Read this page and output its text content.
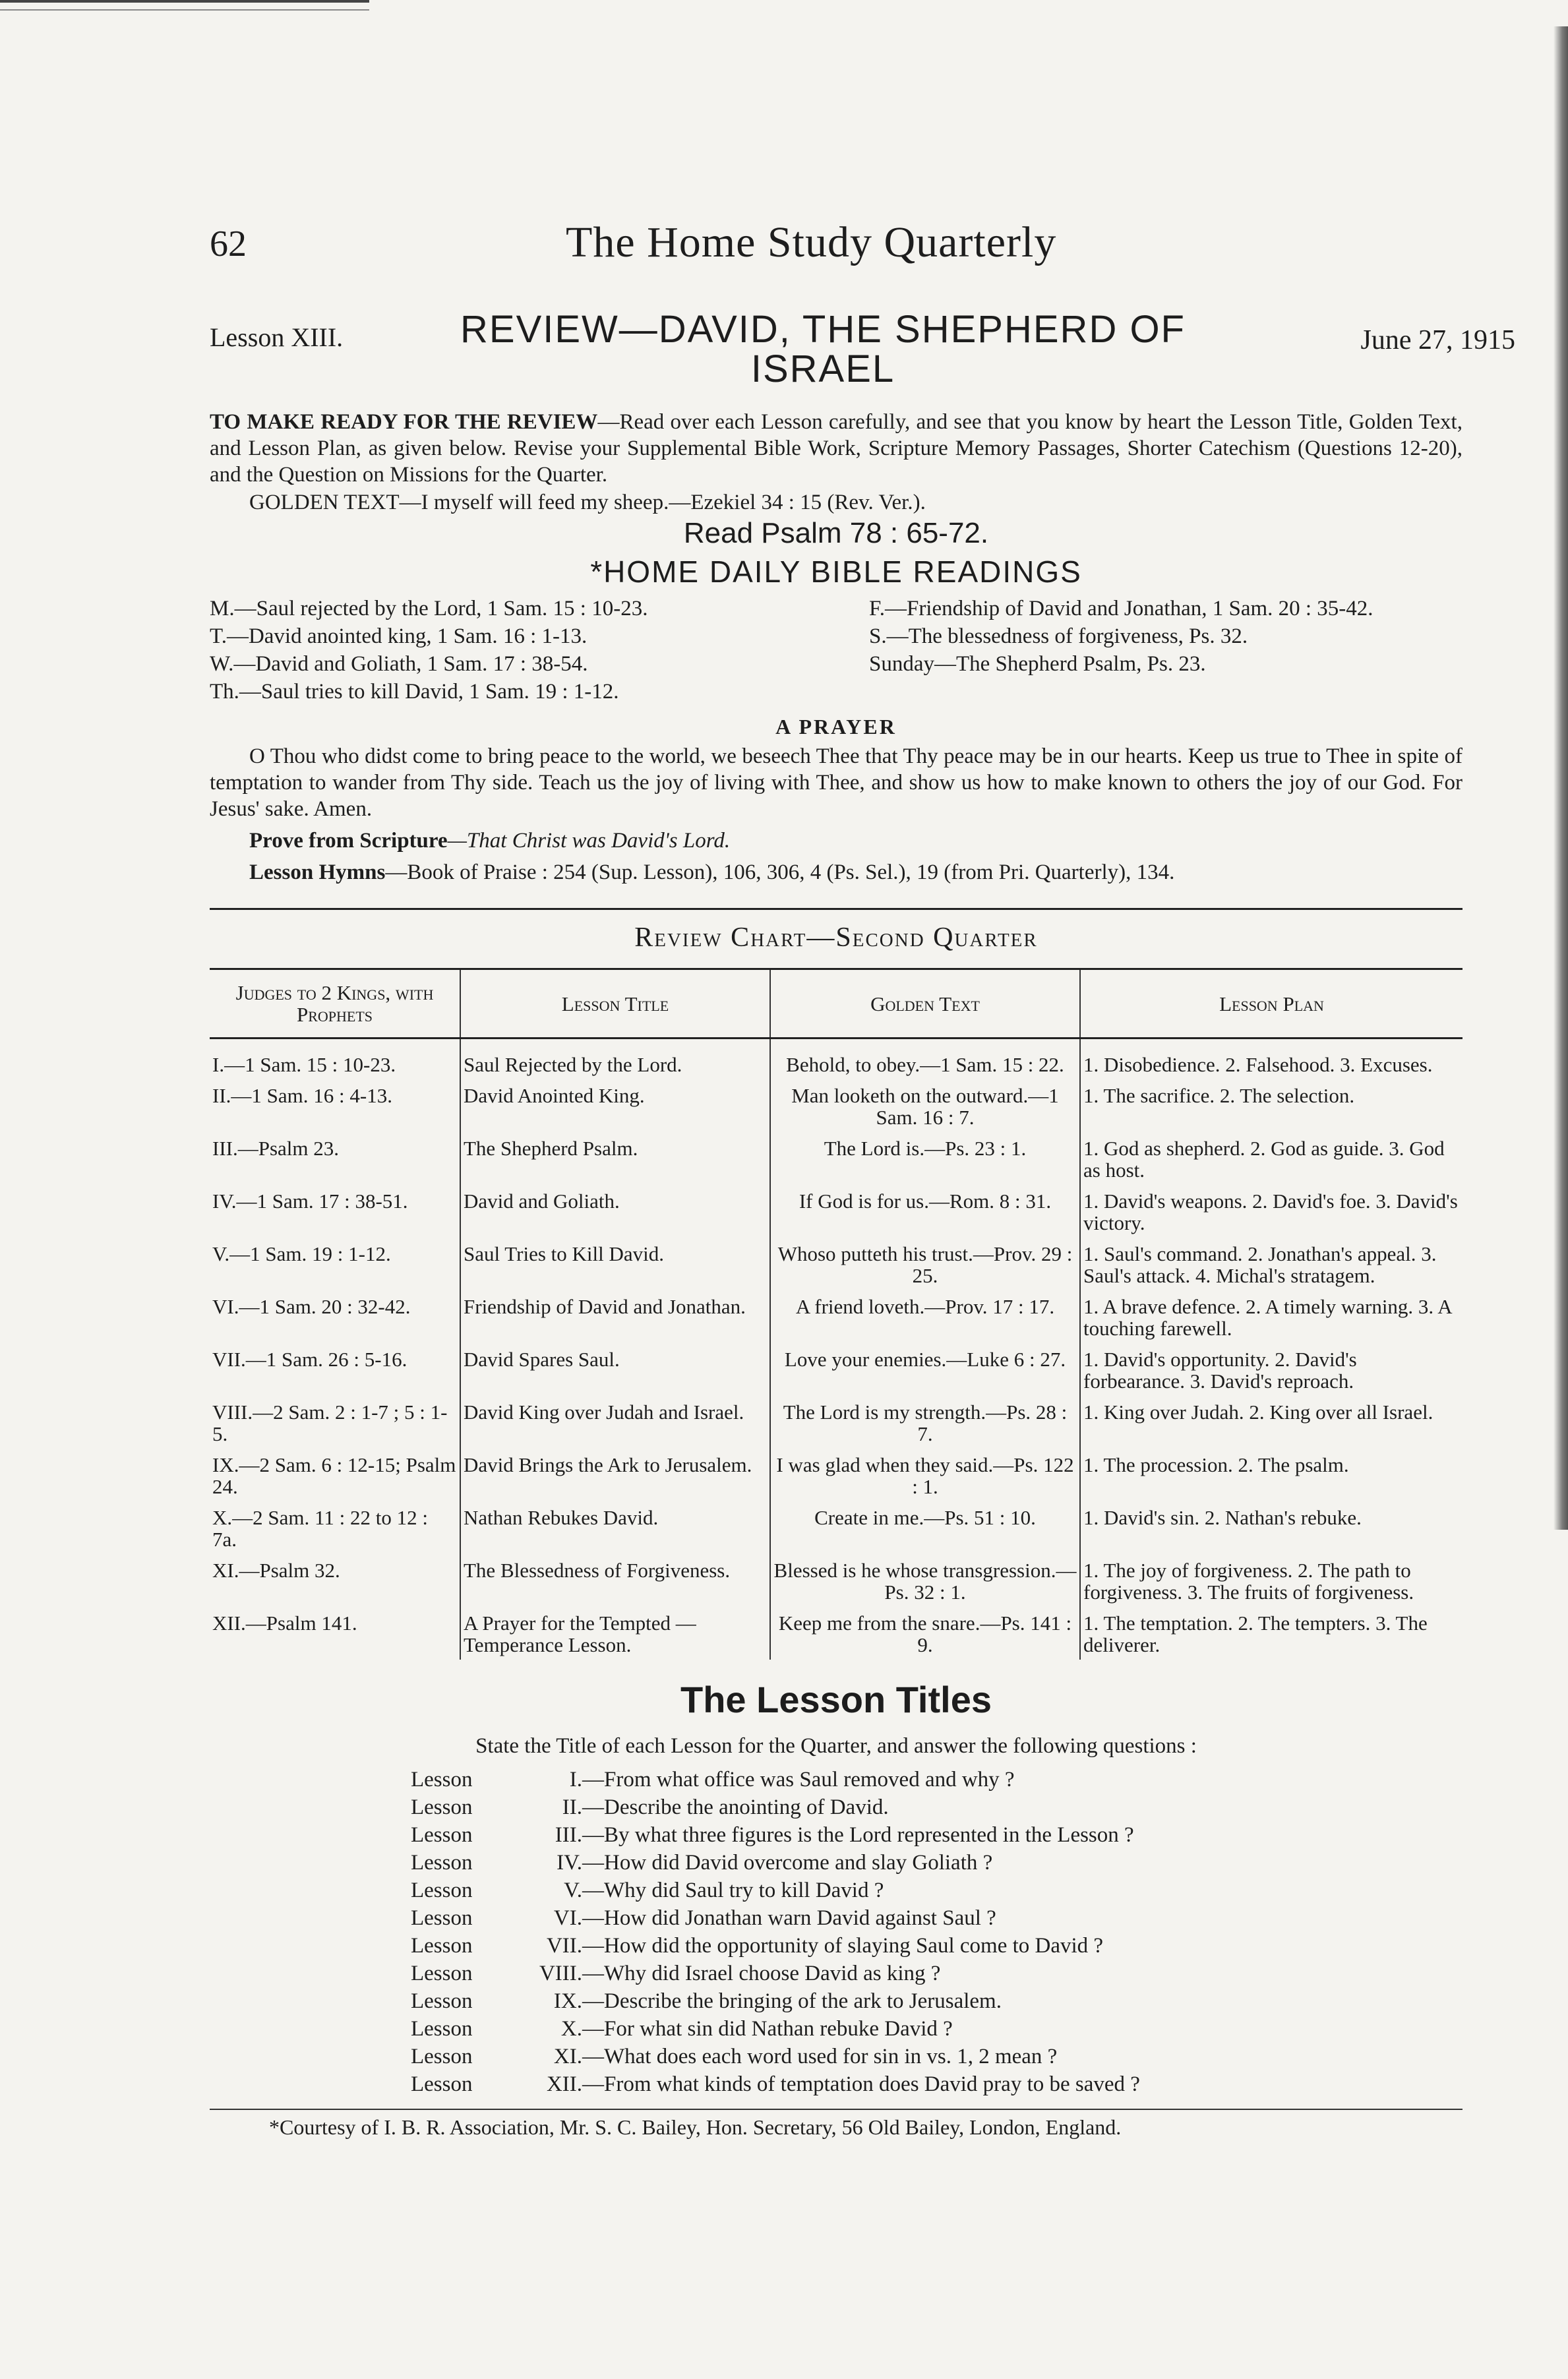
62	The Home Study Quarterly
Lesson XIII.	REVIEW—DAVID, THE SHEPHERD OF ISRAEL
June 27, 1915

TO MAKE READY FOR THE REVIEW—Read over each Lesson carefully, and see that you know by heart the Lesson Title, Golden Text, and Lesson Plan, as given below. Revise your Supplemental Bible Work, Scripture Memory Passages, Shorter Catechism (Questions 12-20), and the Question on Missions for the Quarter.

GOLDEN TEXT—I myself will feed my sheep.—Ezekiel 34 : 15 (Rev. Ver.).

Read Psalm 78 : 65-72.
*HOME DAILY BIBLE READINGS
M.—Saul rejected by the Lord, 1 Sam. 15 : 10-23.
T.—David anointed king, 1 Sam. 16 : 1-13.
W.—David and Goliath, 1 Sam. 17 : 38-54.
Th.—Saul tries to kill David, 1 Sam. 19 : 1-12.
F.—Friendship of David and Jonathan, 1 Sam. 20 : 35-42.
S.—The blessedness of forgiveness, Ps. 32.
Sunday—The Shepherd Psalm, Ps. 23.
A PRAYER

O Thou who didst come to bring peace to the world, we beseech Thee that Thy peace may be in our hearts. Keep us true to Thee in spite of temptation to wander from Thy side. Teach us the joy of living with Thee, and show us how to make known to others the joy of our God. For Jesus' sake. Amen.

Prove from Scripture—That Christ was David's Lord.

Lesson Hymns—Book of Praise : 254 (Sup. Lesson), 106, 306, 4 (Ps. Sel.), 19 (from Pri. Quarterly), 134.

Review Chart—Second Quarter
Judges to 2 Kings, with Prophets	Lesson Title	Golden Text	Lesson Plan
I.—1 Sam. 15 : 10-23.	Saul Rejected by the Lord.	Behold, to obey.—1 Sam. 15 : 22.	1. Disobedience. 2. Falsehood. 3. Excuses.
II.—1 Sam. 16 : 4-13.	David Anointed King.	Man looketh on the outward.—1 Sam. 16 : 7.	1. The sacrifice. 2. The selection.
III.—Psalm 23.	The Shepherd Psalm.	The Lord is.—Ps. 23 : 1.	1. God as shepherd. 2. God as guide. 3. God as host.
IV.—1 Sam. 17 : 38-51.	David and Goliath.	If God is for us.—Rom. 8 : 31.	1. David's weapons. 2. David's foe. 3. David's victory.
V.—1 Sam. 19 : 1-12.	Saul Tries to Kill David.	Whoso putteth his trust.—Prov. 29 : 25.	1. Saul's command. 2. Jonathan's appeal. 3. Saul's attack. 4. Michal's stratagem.
VI.—1 Sam. 20 : 32-42.	Friendship of David and Jonathan.	A friend loveth.—Prov. 17 : 17.	1. A brave defence. 2. A timely warning. 3. A touching farewell.
VII.—1 Sam. 26 : 5-16.	David Spares Saul.	Love your enemies.—Luke 6 : 27.	1. David's opportunity. 2. David's forbearance. 3. David's reproach.
VIII.—2 Sam. 2 : 1-7 ; 5 : 1-5.	David King over Judah and Israel.	The Lord is my strength.—Ps. 28 : 7.	1. King over Judah. 2. King over all Israel.
IX.—2 Sam. 6 : 12-15; Psalm 24.	David Brings the Ark to Jerusalem.	I was glad when they said.—Ps. 122 : 1.	1. The procession. 2. The psalm.
X.—2 Sam. 11 : 22 to 12 : 7a.	Nathan Rebukes David.	Create in me.—Ps. 51 : 10.	1. David's sin. 2. Nathan's rebuke.
XI.—Psalm 32.	The Blessedness of Forgiveness.	Blessed is he whose transgression.—Ps. 32 : 1.	1. The joy of forgiveness. 2. The path to forgiveness. 3. The fruits of forgiveness.
XII.—Psalm 141.	A Prayer for the Tempted —Temperance Lesson.	Keep me from the snare.—Ps. 141 : 9.	1. The temptation. 2. The tempters. 3. The deliverer.
The Lesson Titles
State the Title of each Lesson for the Quarter, and answer the following questions :
Lesson	I.—From what office was Saul removed and why ?
Lesson	II.—Describe the anointing of David.
Lesson	III.—By what three figures is the Lord represented in the Lesson ?
Lesson	IV.—How did David overcome and slay Goliath ?
Lesson	V.—Why did Saul try to kill David ?
Lesson	VI.—How did Jonathan warn David against Saul ?
Lesson	VII.—How did the opportunity of slaying Saul come to David ?
Lesson	VIII.—Why did Israel choose David as king ?
Lesson	IX.—Describe the bringing of the ark to Jerusalem.
Lesson	X.—For what sin did Nathan rebuke David ?
Lesson	XI.—What does each word used for sin in vs. 1, 2 mean ?
Lesson	XII.—From what kinds of temptation does David pray to be saved ?
*Courtesy of I. B. R. Association, Mr. S. C. Bailey, Hon. Secretary, 56 Old Bailey, London, England.
